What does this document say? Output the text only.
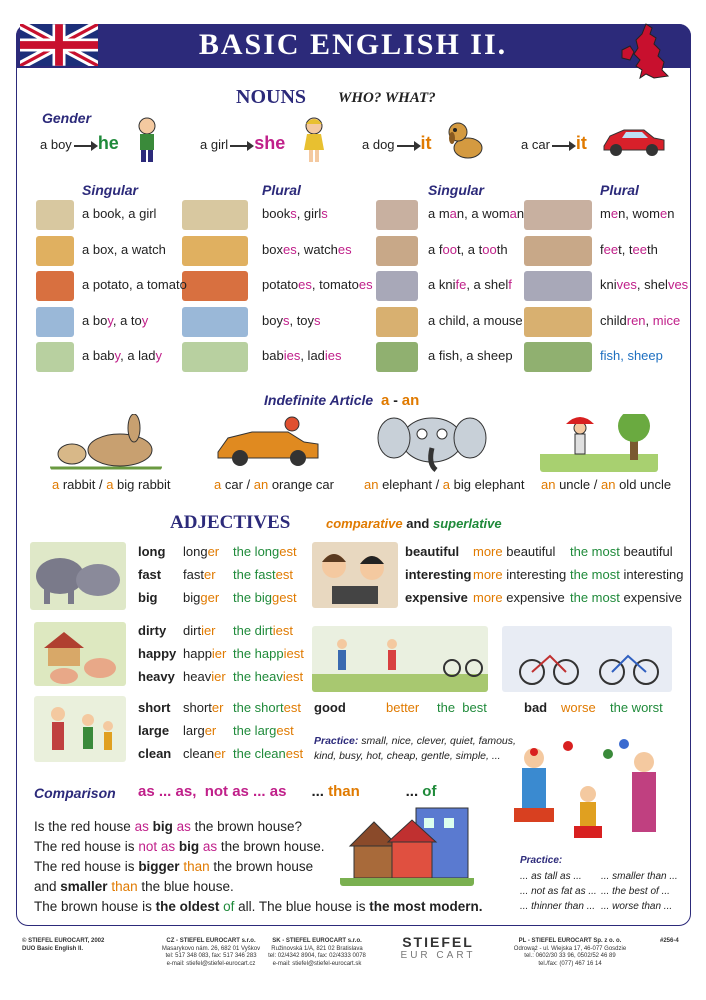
BASIC ENGLISH II.
NOUNS WHO? WHAT?
Gender
a boy he	a girl she	a dog it	a car it
Singular	Plural	Singular	Plural
a book, a girl	books, girls
a box, a watch	boxes, watches
a potato, a tomato	potatoes, tomatoes
a boy, a toy	boys, toys
a baby, a lady	babies, ladies
a man, a woman	men, women
a foot, a tooth	feet, teeth
a knife, a shelf	knives, shelves
a child, a mouse	children, mice
a fish, a sheep	fish, sheep
Indefinite Article a - an
a rabbit / a big rabbit	a car / an orange car an elephant / a big elephant an uncle / an old uncle
ADJECTIVES	comparative and superlative
long longer the longest
fast faster the fastest
big bigger the biggest
beautiful more beautiful the most beautiful
interesting more interesting the most interesting
expensive more expensive the most expensive
dirty dirtier the dirtiest
happy happier the happiest
heavy heavier the heaviest
short shorter the shortest
large larger the largest
clean cleaner the cleanest
good	better the  best	bad worse the worst
Practice: small, nice, clever, quiet, famous,
kind, busy, hot, cheap, gentle, simple, ...
Comparison as ... as, not as ... as ... than	... of
Is the red house as big as the brown house?
The red house is not as big as the brown house.
The red house is bigger than the brown house
and smaller than the blue house.
The brown house is the oldest of all. The blue house is the most modern.
Practice:
... as tall as ... ... smaller than ...
... not as fat as ... ... the best of ...
... thinner than ... ... worse than ...
© STIEFEL EUROCART, 2002
DUO Basic English II.
CZ - STIEFEL EUROCART s.r.o.
Masarykovo nám. 26, 682 01 Vyškov
tel: 517 348 083, fax: 517 346 283
e-mail: stiefel@stiefel-eurocart.cz
SK - STIEFEL EUROCART s.r.o.
Ružinovská 1/A, 821 02 Bratislava
tel: 02/4342 8904, fax: 02/4333 0078
e-mail: stiefel@stiefel-eurocart.sk
PL - STIEFEL EUROCART Sp. z o. o.
Odrowąż - ul. Wiejska 17, 46-077 Gosdzie
tel.: 0602/30 33 96, 0502/52 46 89
tel./fax: (077) 467 16 14
#256-4
STIEFEL
EUR CART
